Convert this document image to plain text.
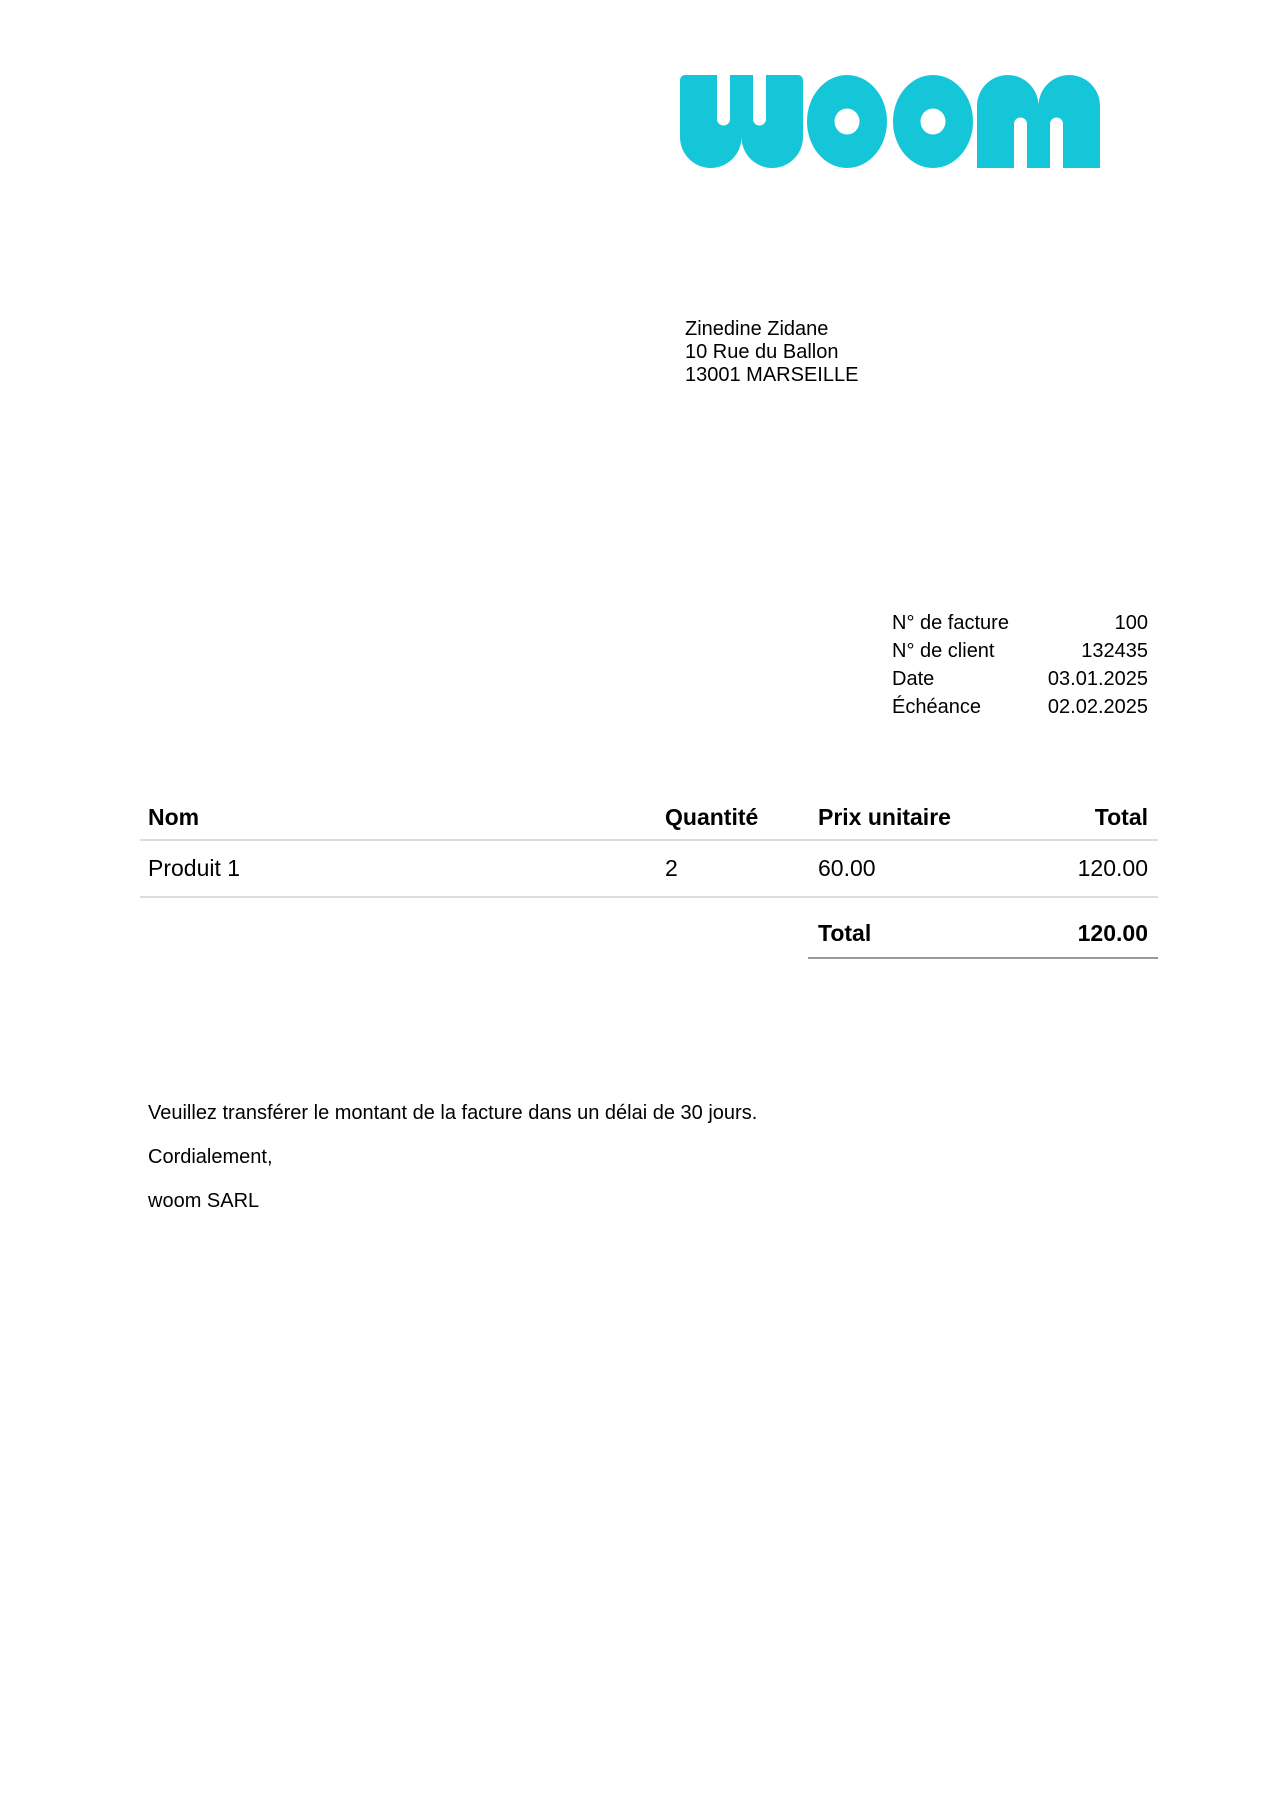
Zinedine Zidane
10 Rue du Ballon
13001 MARSEILLE
N° de facture	100
N° de client	132435
Date	03.01.2025
Échéance	02.02.2025
Nom	Quantité	Prix unitaire	Total
Produit 1	2	60.00	120.00
Total	120.00
Veuillez transférer le montant de la facture dans un délai de 30 jours.
Cordialement,
woom SARL
